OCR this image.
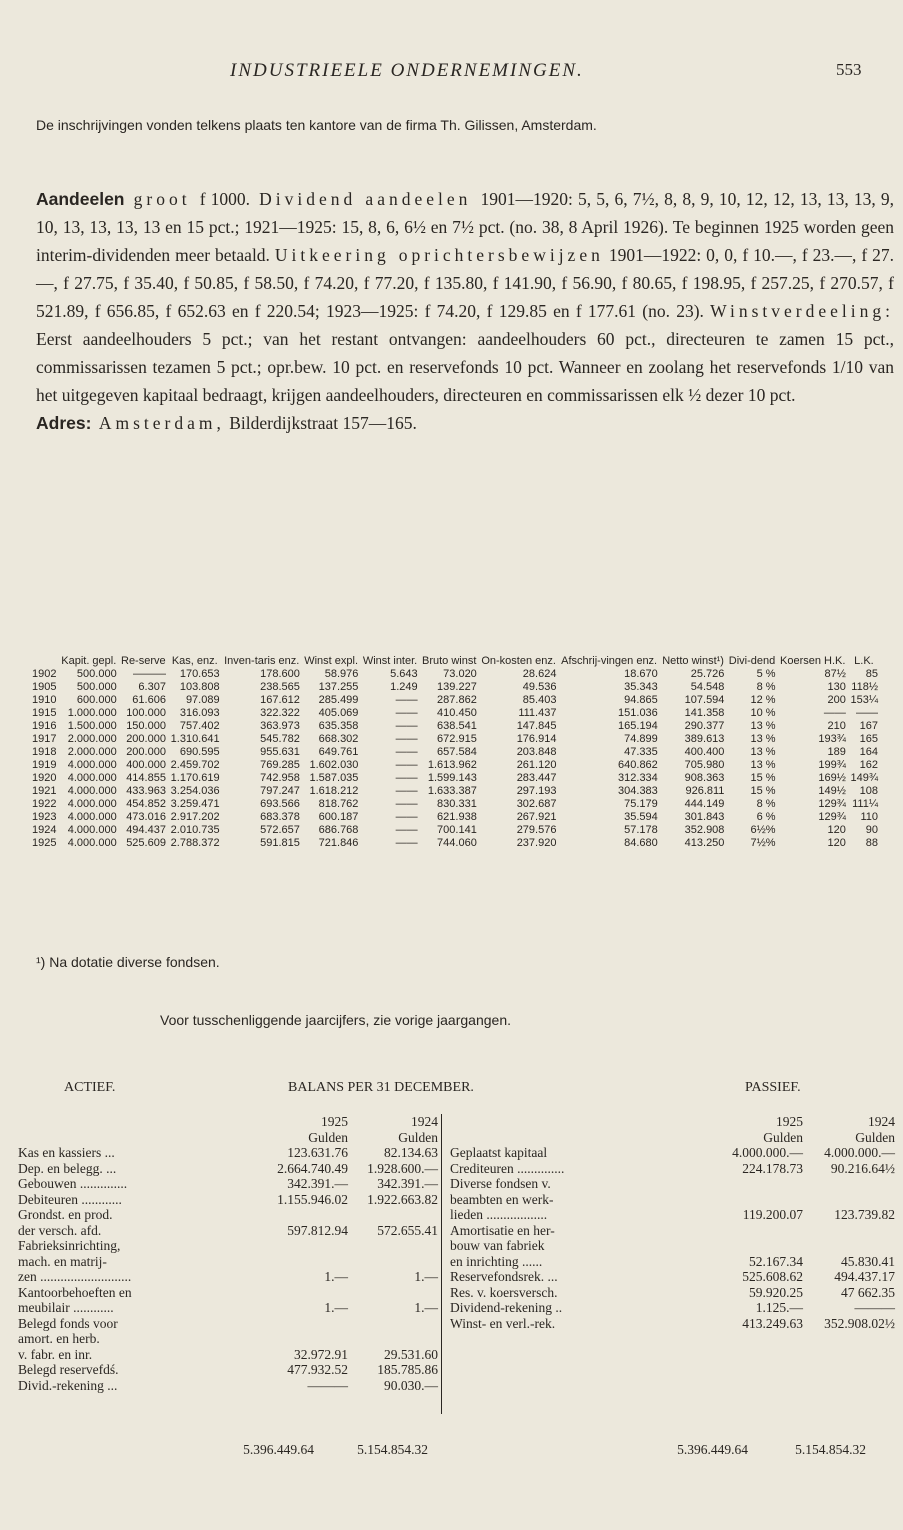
INDUSTRIEELE ONDERNEMINGEN.	553
De inschrijvingen vonden telkens plaats ten kantore van de firma Th. Gilissen, Amsterdam.

Aandeelen groot f 1000. Dividend aandeelen 1901—1920: 5, 5, 6, 7½, 8, 8, 9, 10, 12, 12, 13, 13, 13, 9, 10, 13, 13, 13, 13 en 15 pct.; 1921—1925: 15, 8, 6, 6½ en 7½ pct. (no. 38, 8 April 1926). Te beginnen 1925 worden geen interim-dividenden meer betaald. Uitkeering oprichtersbewijzen 1901—1922: 0, 0, f 10.—, f 23.—, f 27.—, f 27.75, f 35.40, f 50.85, f 58.50, f 74.20, f 77.20, f 135.80, f 141.90, f 56.90, f 80.65, f 198.95, f 257.25, f 270.57, f 521.89, f 656.85, f 652.63 en f 220.54; 1923—1925: f 74.20, f 129.85 en f 177.61 (no. 23). Winstverdeeling: Eerst aandeelhouders 5 pct.; van het restant ontvangen: aandeelhouders 60 pct., directeuren te zamen 15 pct., commissarissen tezamen 5 pct.; opr.bew. 10 pct. en reservefonds 10 pct. Wanneer en zoolang het reservefonds 1/10 van het uitgegeven kapitaal bedraagt, krijgen aandeelhouders, directeuren en commissarissen elk ½ dezer 10 pct.

Adres: Amsterdam, Bilderdijkstraat 157—165.

	Kapit. gepl.	Re-serve	Kas, enz.	Inven-taris enz.	Winst expl.	Winst inter.	Bruto winst	On-kosten enz.	Afschrij-vingen enz.	Netto winst¹)	Divi-dend	Koersen H.K.	L.K.
1902	500.000	———	170.653	178.600	58.976	5.643	73.020	28.624	18.670	25.726	5 %	87½	85
1905	500.000	6.307	103.808	238.565	137.255	1.249	139.227	49.536	35.343	54.548	8 %	130	118½
1910	600.000	61.606	97.089	167.612	285.499	——	287.862	85.403	94.865	107.594	12 %	200	153¼
1915	1.000.000	100.000	316.093	322.322	405.069	——	410.450	111.437	151.036	141.358	10 %	——	——
1916	1.500.000	150.000	757.402	363.973	635.358	——	638.541	147.845	165.194	290.377	13 %	210	167
1917	2.000.000	200.000	1.310.641	545.782	668.302	——	672.915	176.914	74.899	389.613	13 %	193¾	165
1918	2.000.000	200.000	690.595	955.631	649.761	——	657.584	203.848	47.335	400.400	13 %	189	164
1919	4.000.000	400.000	2.459.702	769.285	1.602.030	——	1.613.962	261.120	640.862	705.980	13 %	199¾	162
1920	4.000.000	414.855	1.170.619	742.958	1.587.035	——	1.599.143	283.447	312.334	908.363	15 %	169½	149¾
1921	4.000.000	433.963	3.254.036	797.247	1.618.212	——	1.633.387	297.193	304.383	926.811	15 %	149½	108
1922	4.000.000	454.852	3.259.471	693.566	818.762	——	830.331	302.687	75.179	444.149	8 %	129¾	111¼
1923	4.000.000	473.016	2.917.202	683.378	600.187	——	621.938	267.921	35.594	301.843	6 %	129¾	110
1924	4.000.000	494.437	2.010.735	572.657	686.768	——	700.141	279.576	57.178	352.908	6½%	120	90
1925	4.000.000	525.609	2.788.372	591.815	721.846	——	744.060	237.920	84.680	413.250	7½%	120	88
¹) Na dotatie diverse fondsen.
Voor tusschenliggende jaarcijfers, zie vorige jaargangen.
ACTIEF.	BALANS PER 31 DECEMBER.	PASSIEF.
1925	1924
Gulden	Gulden
Kas en kassiers ...	123.631.76	82.134.63
Dep. en belegg. ...	2.664.740.49	1.928.600.—
Gebouwen ..............	342.391.—	342.391.—
Debiteuren ............	1.155.946.02	1.922.663.82
Grondst. en prod.
der versch. afd.	597.812.94	572.655.41
Fabrieksinrichting,
mach. en matrij-
zen ...........................	1.—	1.—
Kantoorbehoeften en
meubilair ............	1.—	1.—
Belegd fonds voor
amort. en herb.
v. fabr. en inr.	32.972.91	29.531.60
Belegd reservefdś.	477.932.52	185.785.86
Divid.-rekening ...	———	90.030.—
1925	1924
Gulden	Gulden
Geplaatst kapitaal	4.000.000.—	4.000.000.—
Crediteuren ..............	224.178.73	90.216.64½
Diverse fondsen v.
beambten en werk-
lieden ..................	119.200.07	123.739.82
Amortisatie en her-
bouw van fabriek
en inrichting ......	52.167.34	45.830.41
Reservefondsrek. ...	525.608.62	494.437.17
Res. v. koersversch.	59.920.25	47 662.35
Dividend-rekening ..	1.125.—	———
Winst- en verl.-rek.	413.249.63	352.908.02½
5.396.449.64	5.154.854.32	5.396.449.64	5.154.854.32
